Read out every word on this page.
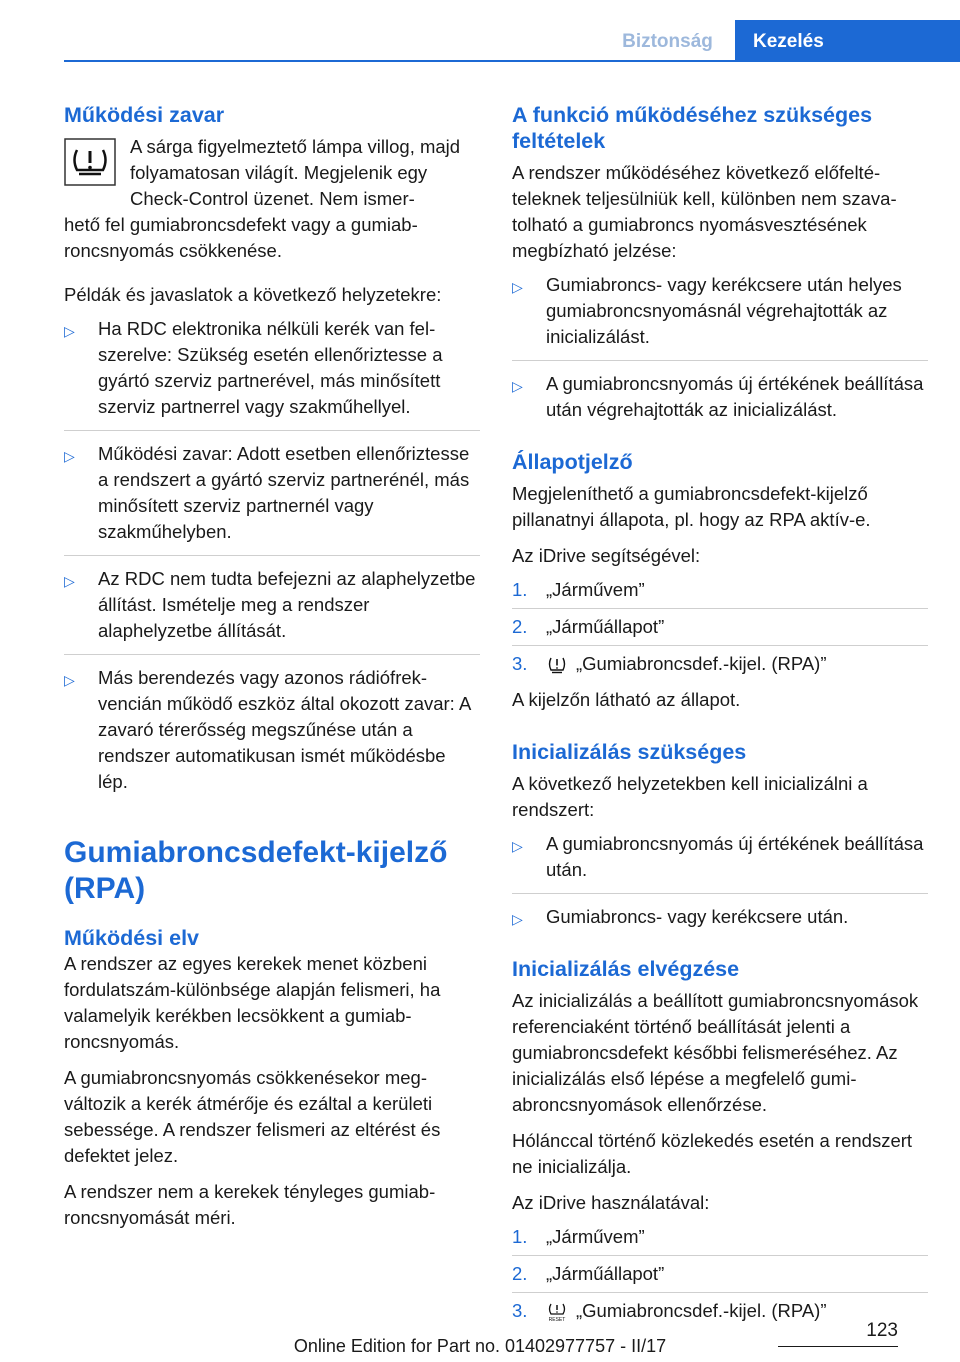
Biztonság	Kezelés
Működési zavar

A sárga figyelmeztető lámpa villog, majd folyamatosan világít. Megjelenik egy Check-Control üzenet. Nem ismer-

hető fel gumiabroncsdefekt vagy a gumiabroncsnyomás csökkenése.

Példák és javaslatok a következő helyzetekre:

▷ Ha RDC elektronika nélküli kerék van felszerelve: Szükség esetén ellenőriztesse a gyártó szerviz partnerével, más minősített szerviz partnerrel vagy szakműhellyel.
▷ Működési zavar: Adott esetben ellenőriztesse a rendszert a gyártó szerviz partnerénél, más minősített szerviz partnernél vagy szakműhelyben.
▷ Az RDC nem tudta befejezni az alaphelyzetbe állítást. Ismételje meg a rendszer alaphelyzetbe állítását.
▷ Más berendezés vagy azonos rádiófrekvencián működő eszköz által okozott zavar: A zavaró térerősség megszűnése után a rendszer automatikusan ismét működésbe lép.
Gumiabroncsdefekt-kijelző (RPA)
Működési elv

A rendszer az egyes kerekek menet közbeni fordulatszám-különbsége alapján felismeri, ha valamelyik kerékben lecsökkent a gumiabroncsnyomás.

A gumiabroncsnyomás csökkenésekor megváltozik a kerék átmérője és ezáltal a kerületi sebessége. A rendszer felismeri az eltérést és defektet jelez.

A rendszer nem a kerekek tényleges gumiabroncsnyomását méri.

A funkció működéséhez szükséges feltételek

A rendszer működéséhez következő előfeltételeknek teljesülniük kell, különben nem szavatolható a gumiabroncs nyomásvesztésének megbízható jelzése:

▷ Gumiabroncs- vagy kerékcsere után helyes gumiabroncsnyomásnál végrehajtották az inicializálást.
▷ A gumiabroncsnyomás új értékének beállítása után végrehajtották az inicializálást.
Állapotjelző

Megjeleníthető a gumiabroncsdefekt-kijelző pillanatnyi állapota, pl. hogy az RPA aktív-e.

Az iDrive segítségével:

1. „Járművem”
2. „Járműállapot”
3.	„Gumiabroncsdef.-kijel. (RPA)”

A kijelzőn látható az állapot.

Inicializálás szükséges

A következő helyzetekben kell inicializálni a rendszert:

▷ A gumiabroncsnyomás új értékének beállítása után.
▷ Gumiabroncs- vagy kerékcsere után.
Inicializálás elvégzése

Az inicializálás a beállított gumiabroncsnyomások referenciaként történő beállítását jelenti a gumiabroncsdefekt későbbi felismeréséhez. Az inicializálás első lépése a megfelelő gumiabroncsnyomások ellenőrzése.

Hólánccal történő közlekedés esetén a rendszert ne inicializálja.

Az iDrive használatával:

1. „Járművem”
2. „Járműállapot”
3.	RESET „Gumiabroncsdef.-kijel. (RPA)”
123
Online Edition for Part no. 01402977757 - II/17
